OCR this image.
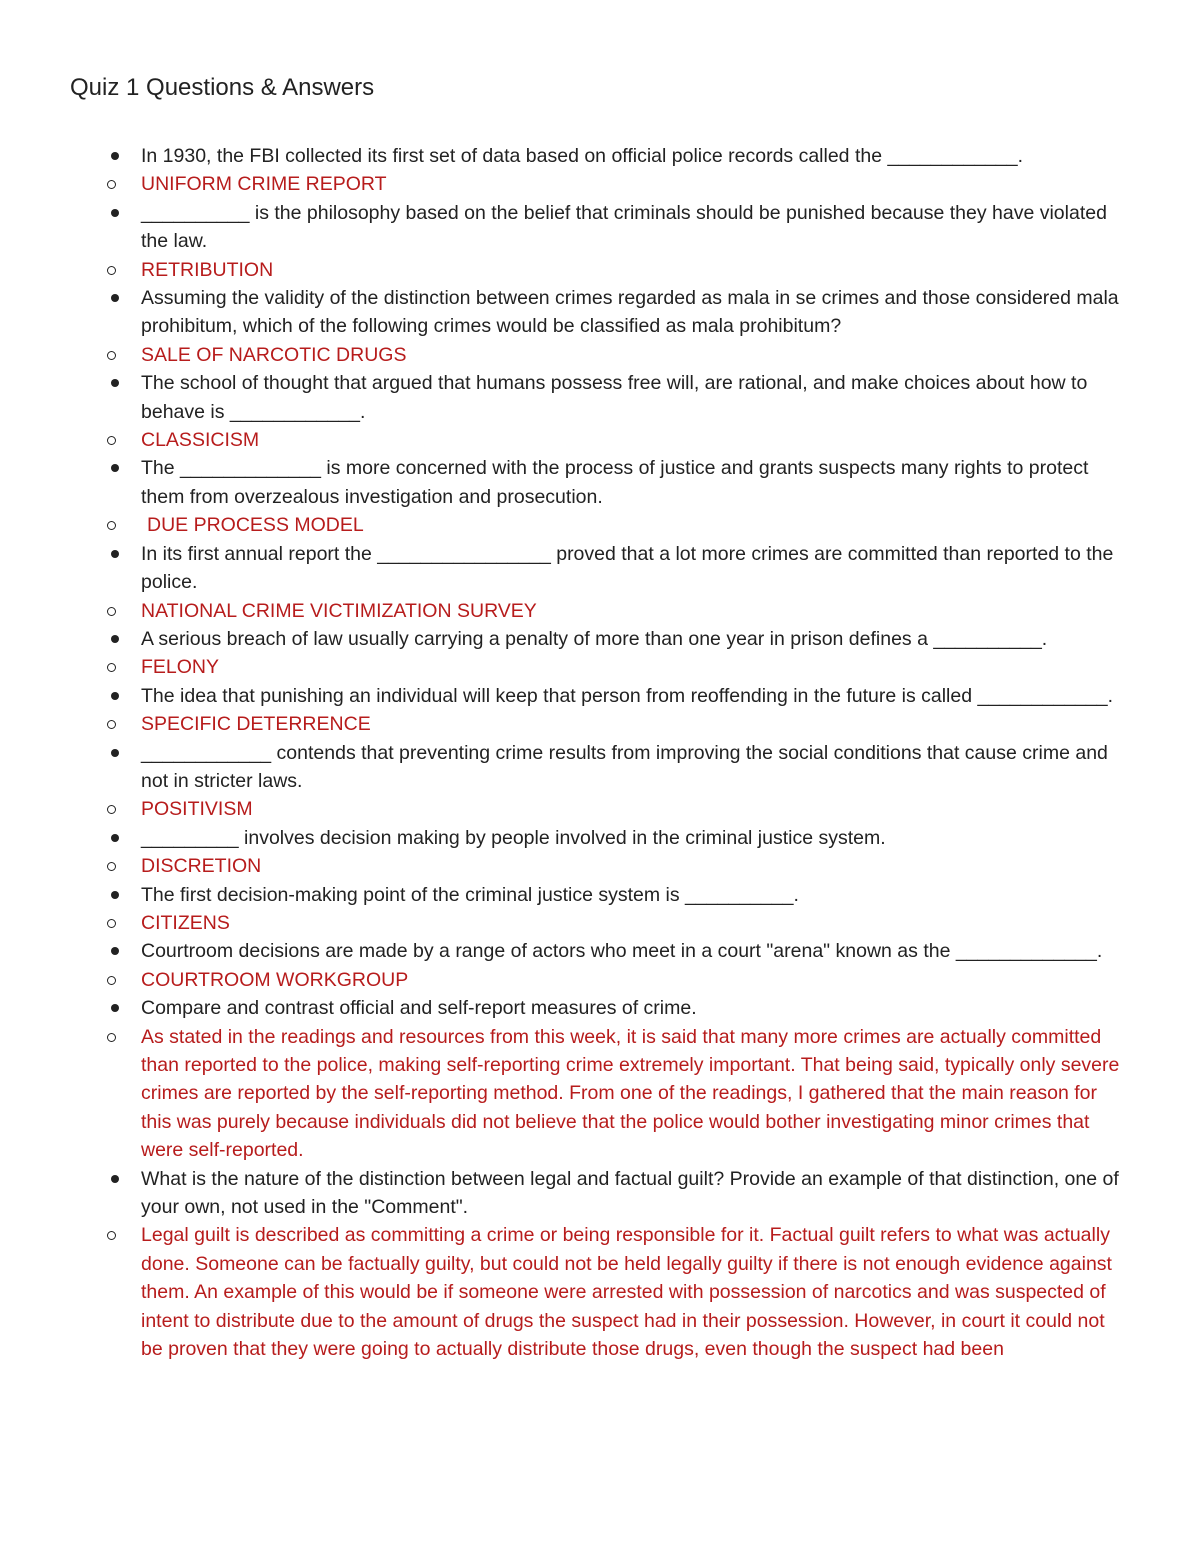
Quiz 1 Questions & Answers

In 1930, the FBI collected its first set of data based on official police records called the ____________.

UNIFORM CRIME REPORT

__________ is the philosophy based on the belief that criminals should be punished because they have violated the law.

RETRIBUTION

Assuming the validity of the distinction between crimes regarded as mala in se crimes and those considered mala prohibitum, which of the following crimes would be classified as mala prohibitum?

SALE OF NARCOTIC DRUGS

The school of thought that argued that humans possess free will, are rational, and make choices about how to behave is ____________.

CLASSICISM

The _____________ is more concerned with the process of justice and grants suspects many rights to protect them from overzealous investigation and prosecution.

DUE PROCESS MODEL

In its first annual report the ________________ proved that a lot more crimes are committed than reported to the police.

NATIONAL CRIME VICTIMIZATION SURVEY

A serious breach of law usually carrying a penalty of more than one year in prison defines a __________.

FELONY

The idea that punishing an individual will keep that person from reoffending in the future is called ____________.

SPECIFIC DETERRENCE

____________ contends that preventing crime results from improving the social conditions that cause crime and not in stricter laws.

POSITIVISM

_________ involves decision making by people involved in the criminal justice system.

DISCRETION

The first decision-making point of the criminal justice system is __________.

CITIZENS

Courtroom decisions are made by a range of actors who meet in a court "arena" known as the _____________.

COURTROOM WORKGROUP

Compare and contrast official and self-report measures of crime.

As stated in the readings and resources from this week, it is said that many more crimes are actually committed than reported to the police, making self-reporting crime extremely important. That being said, typically only severe crimes are reported by the self-reporting method. From one of the readings, I gathered that the main reason for this was purely because individuals did not believe that the police would bother investigating minor crimes that were self-reported.

What is the nature of the distinction between legal and factual guilt? Provide an example of that distinction, one of your own, not used in the "Comment".

Legal guilt is described as committing a crime or being responsible for it. Factual guilt refers to what was actually done. Someone can be factually guilty, but could not be held legally guilty if there is not enough evidence against them. An example of this would be if someone were arrested with possession of narcotics and was suspected of intent to distribute due to the amount of drugs the suspect had in their possession. However, in court it could not be proven that they were going to actually distribute those drugs, even though the suspect had been
